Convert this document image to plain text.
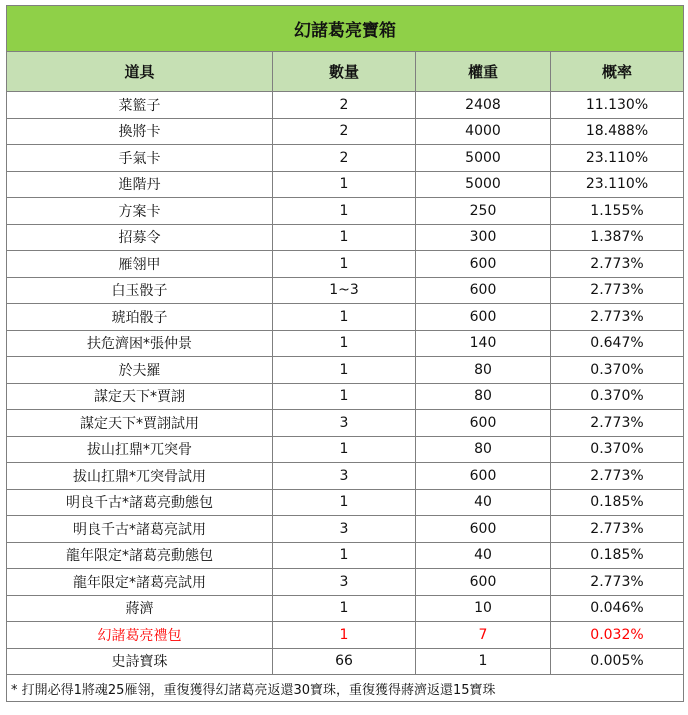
幻諸葛亮寶箱			
道具	數量	權重	概率
菜籃子	2	2408	11.130%
換將卡	2	4000	18.488%
手氣卡	2	5000	23.110%
進階丹	1	5000	23.110%
方案卡	1	250	1.155%
招募令	1	300	1.387%
雁翎甲	1	600	2.773%
白玉骰子	1~3	600	2.773%
琥珀骰子	1	600	2.773%
扶危濟困*張仲景	1	140	0.647%
於夫羅	1	80	0.370%
謀定天下*賈詡	1	80	0.370%
謀定天下*賈詡試用	3	600	2.773%
拔山扛鼎*兀突骨	1	80	0.370%
拔山扛鼎*兀突骨試用	3	600	2.773%
明良千古*諸葛亮動態包	1	40	0.185%
明良千古*諸葛亮試用	3	600	2.773%
龍年限定*諸葛亮動態包	1	40	0.185%
龍年限定*諸葛亮試用	3	600	2.773%
蔣濟	1	10	0.046%
幻諸葛亮禮包	1	7	0.032%
史詩寶珠	66	1	0.005%
* 打開必得1將魂25雁翎，重復獲得幻諸葛亮返還30寶珠，重復獲得蔣濟返還15寶珠			
